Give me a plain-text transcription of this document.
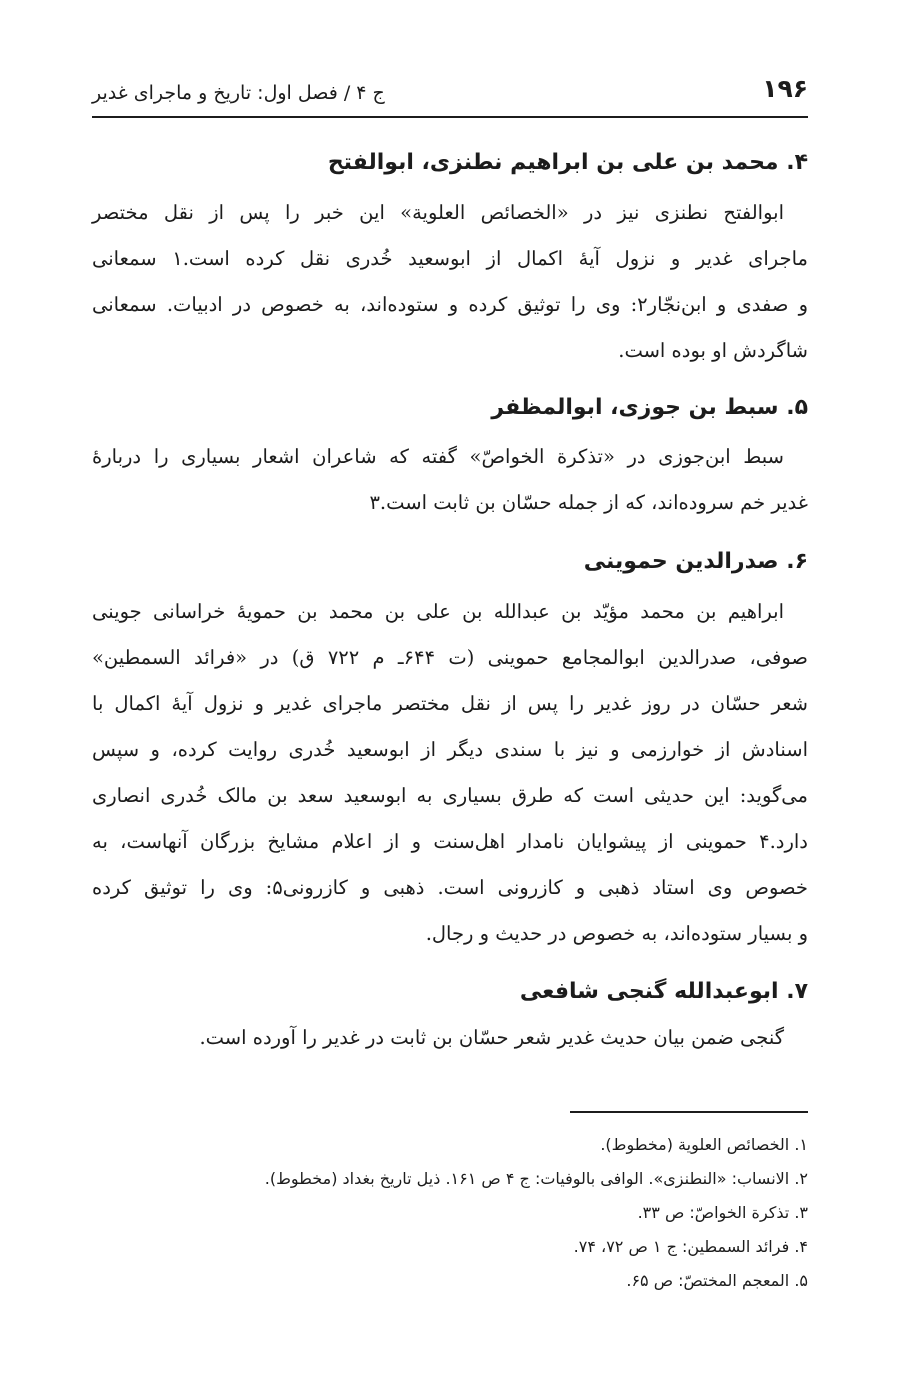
۱۹۶
ج ۴ / فصل اول: تاریخ و ماجرای غدیر
۴. محمد بن علی بن ابراهیم نطنزی، ابوالفتح
ابوالفتح نطنزی نیز در «الخصائص العلویة» این خبر را پس از نقل مختصر
ماجرای غدیر و نزول آیهٔ اکمال از ابوسعید خُدری نقل کرده است.۱ سمعانی
و صفدی و ابن‌نجّار۲: وی را توثیق کرده و ستوده‌اند، به خصوص در ادبیات. سمعانی
شاگردش او بوده است.
۵. سبط بن جوزی، ابوالمظفر
سبط ابن‌جوزی در «تذکرة الخواصّ» گفته که شاعران اشعار بسیاری را دربارهٔ
غدیر خم سروده‌اند، که از جمله حسّان بن ثابت است.۳
۶. صدرالدین حموینی
ابراهیم بن محمد مؤیّد بن عبدالله بن علی بن محمد بن حمویهٔ خراسانی جوینی
صوفی، صدرالدین ابوالمجامع حموینی (ت ۶۴۴ـ م ۷۲۲ ق) در «فرائد السمطین»
شعر حسّان در روز غدیر را پس از نقل مختصر ماجرای غدیر و نزول آیهٔ اکمال با
اسنادش از خوارزمی و نیز با سندی دیگر از ابوسعید خُدری روایت کرده، و سپس
می‌گوید: این حدیثی است که طرق بسیاری به ابوسعید سعد بن مالک خُدری انصاری
دارد.۴ حموینی از پیشوایان نامدار اهل‌سنت و از اعلام مشایخ بزرگان آنهاست، به
خصوص وی استاد ذهبی و کازرونی است. ذهبی و کازرونی۵: وی را توثیق کرده
و بسیار ستوده‌اند، به خصوص در حدیث و رجال.
۷. ابوعبدالله گنجی شافعی
گنجی ضمن بیان حدیث غدیر شعر حسّان بن ثابت در غدیر را آورده است.
۱. الخصائص العلویة (مخطوط).
۲. الانساب: «النطنزی». الوافی بالوفیات: ج ۴ ص ۱۶۱. ذیل تاریخ بغداد (مخطوط).
۳. تذکرة الخواصّ: ص ۳۳.
۴. فرائد السمطین: ج ۱ ص ۷۲، ۷۴.
۵. المعجم المختصّ: ص ۶۵.
